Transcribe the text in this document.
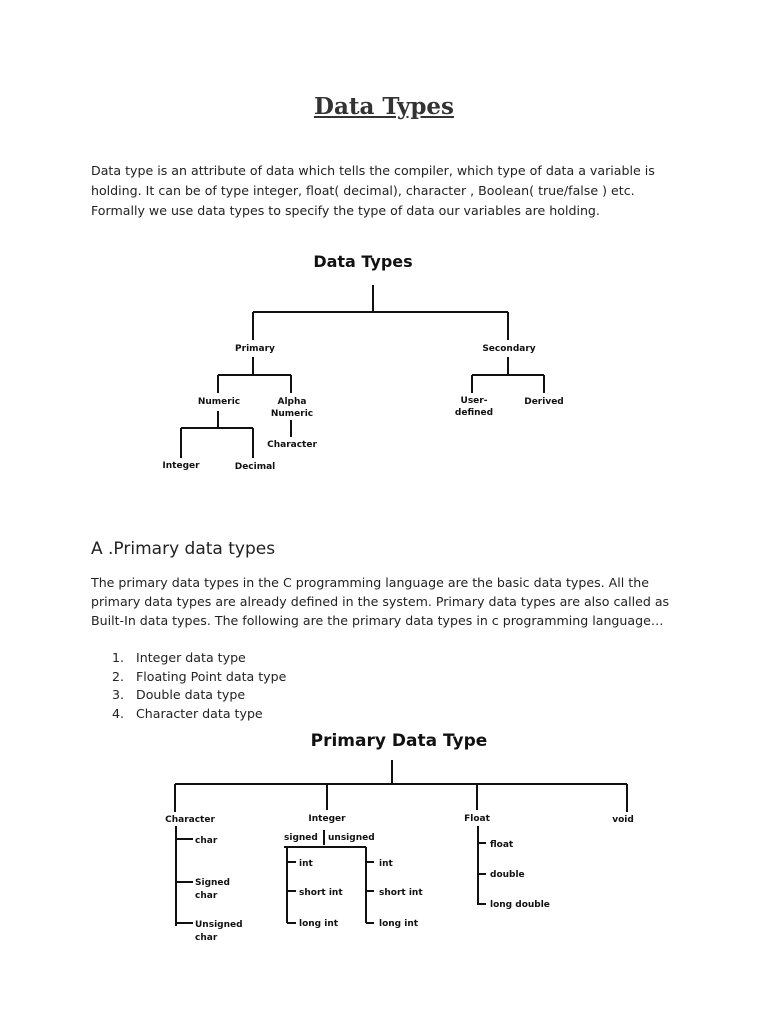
Data Types
Data type is an attribute of data which tells the compiler, which type of data a variable is holding. It can be of type integer, float( decimal), character , Boolean( true/false ) etc. Formally we use data types to specify the type of data our variables are holding.
Data Types
Primary	Secondary
Numeric	Alpha
Numeric
Character
Integer	Decimal
User-
defined
Derived
A .Primary data types
The primary data types in the C programming language are the basic data types. All the primary data types are already defined in the system. Primary data types are also called as Built-In data types. The following are the primary data types in c programming language…
1. Integer data type
2. Floating Point data type
3. Double data type
4. Character data type
Primary Data Type
Character	Integer	Float	void
char
Signed
char
Unsigned
char
signed unsigned
int
short int
long int
int
short int
long int
float
double
long double
